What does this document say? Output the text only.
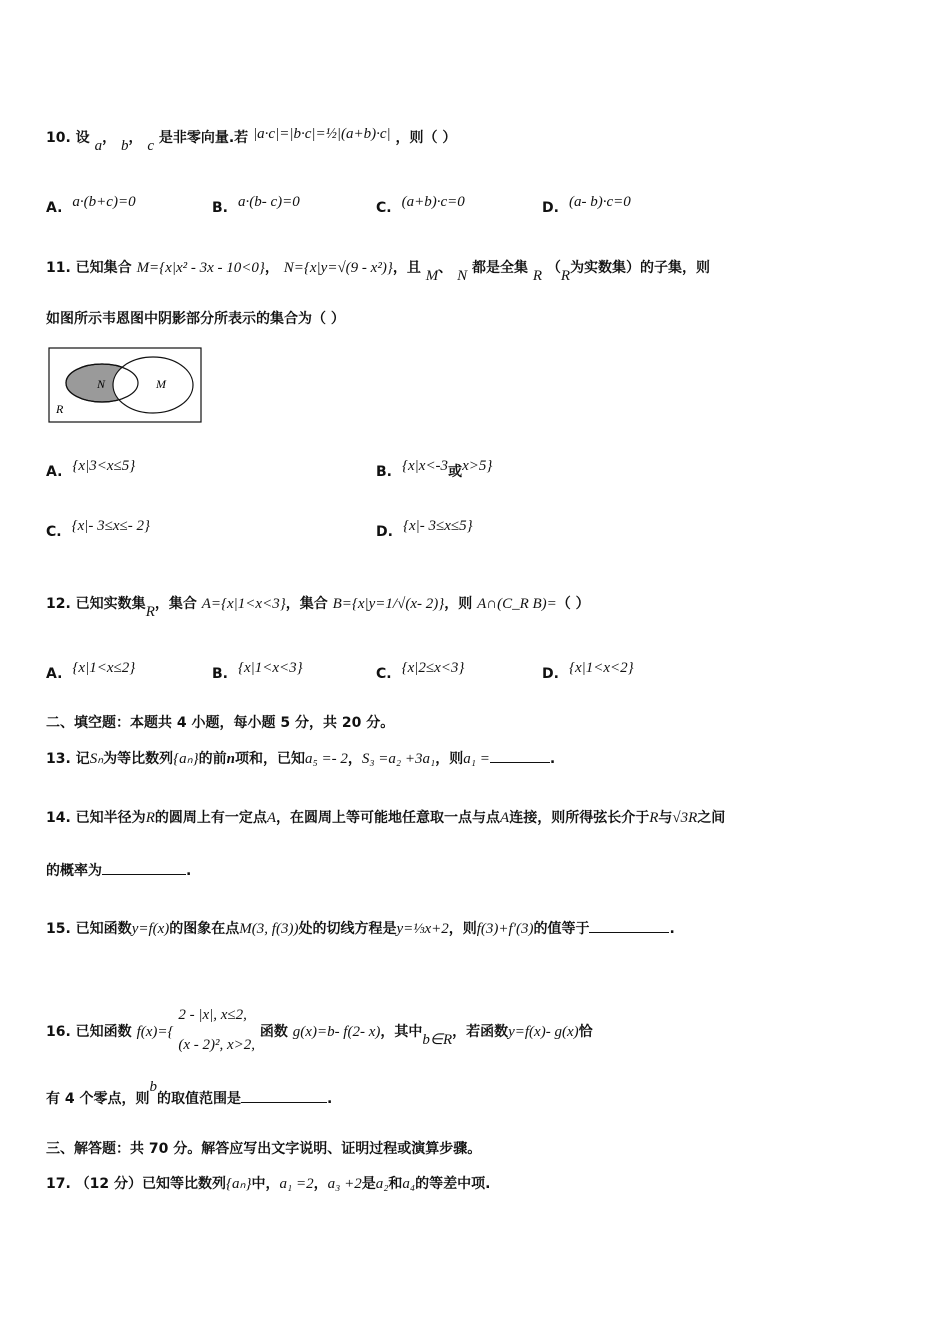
10. 设 a， b， c 是非零向量.若 |a·c|=|b·c|=½|(a+b)·c| ，则（ ）
A. a·(b+c)=0	B. a·(b- c)=0	C. (a+b)·c=0	D. (a- b)·c=0
11. 已知集合 M={x|x² - 3x - 10<0}， N={x|y=√(9 - x²)}，且 M、 N 都是全集 R （R为实数集）的子集，则
如图所示韦恩图中阴影部分所表示的集合为（ ）
N	M
R
A. {x|3<x≤5}	B. {x|x<-3或x>5}
C. {x|- 3≤x≤- 2}	D. {x|- 3≤x≤5}
12. 已知实数集R，集合 A={x|1<x<3}，集合 B={x|y=1/√(x- 2)}，则 A∩(C_R B)=（ ）
A. {x|1<x≤2}	B. {x|1<x<3}	C. {x|2≤x<3}	D. {x|1<x<2}
二、填空题：本题共 4 小题，每小题 5 分，共 20 分。
13. 记Sₙ为等比数列{aₙ}的前n项和，已知a₅ =- 2，S₃ =a₂ +3a₁，则a₁ =	.
14. 已知半径为R的圆周上有一定点A，在圆周上等可能地任意取一点与点A连接，则所得弦长介于R与√3R之间
的概率为	.
15. 已知函数y=f(x)的图象在点M(3, f(3))处的切线方程是y=⅓x+2，则f(3)+f′(3)的值等于	.
16. 已知函数 f(x)={
2 - |x|, x≤2,
(x - 2)², x>2,
函数 g(x)=b- f(2- x)，其中b∈R，若函数y=f(x)- g(x)恰
有 4 个零点，则b的取值范围是	.
三、解答题：共 70 分。解答应写出文字说明、证明过程或演算步骤。
17. （12 分）已知等比数列{aₙ}中，a₁ =2，a₃ +2是a₂和a₄的等差中项.
